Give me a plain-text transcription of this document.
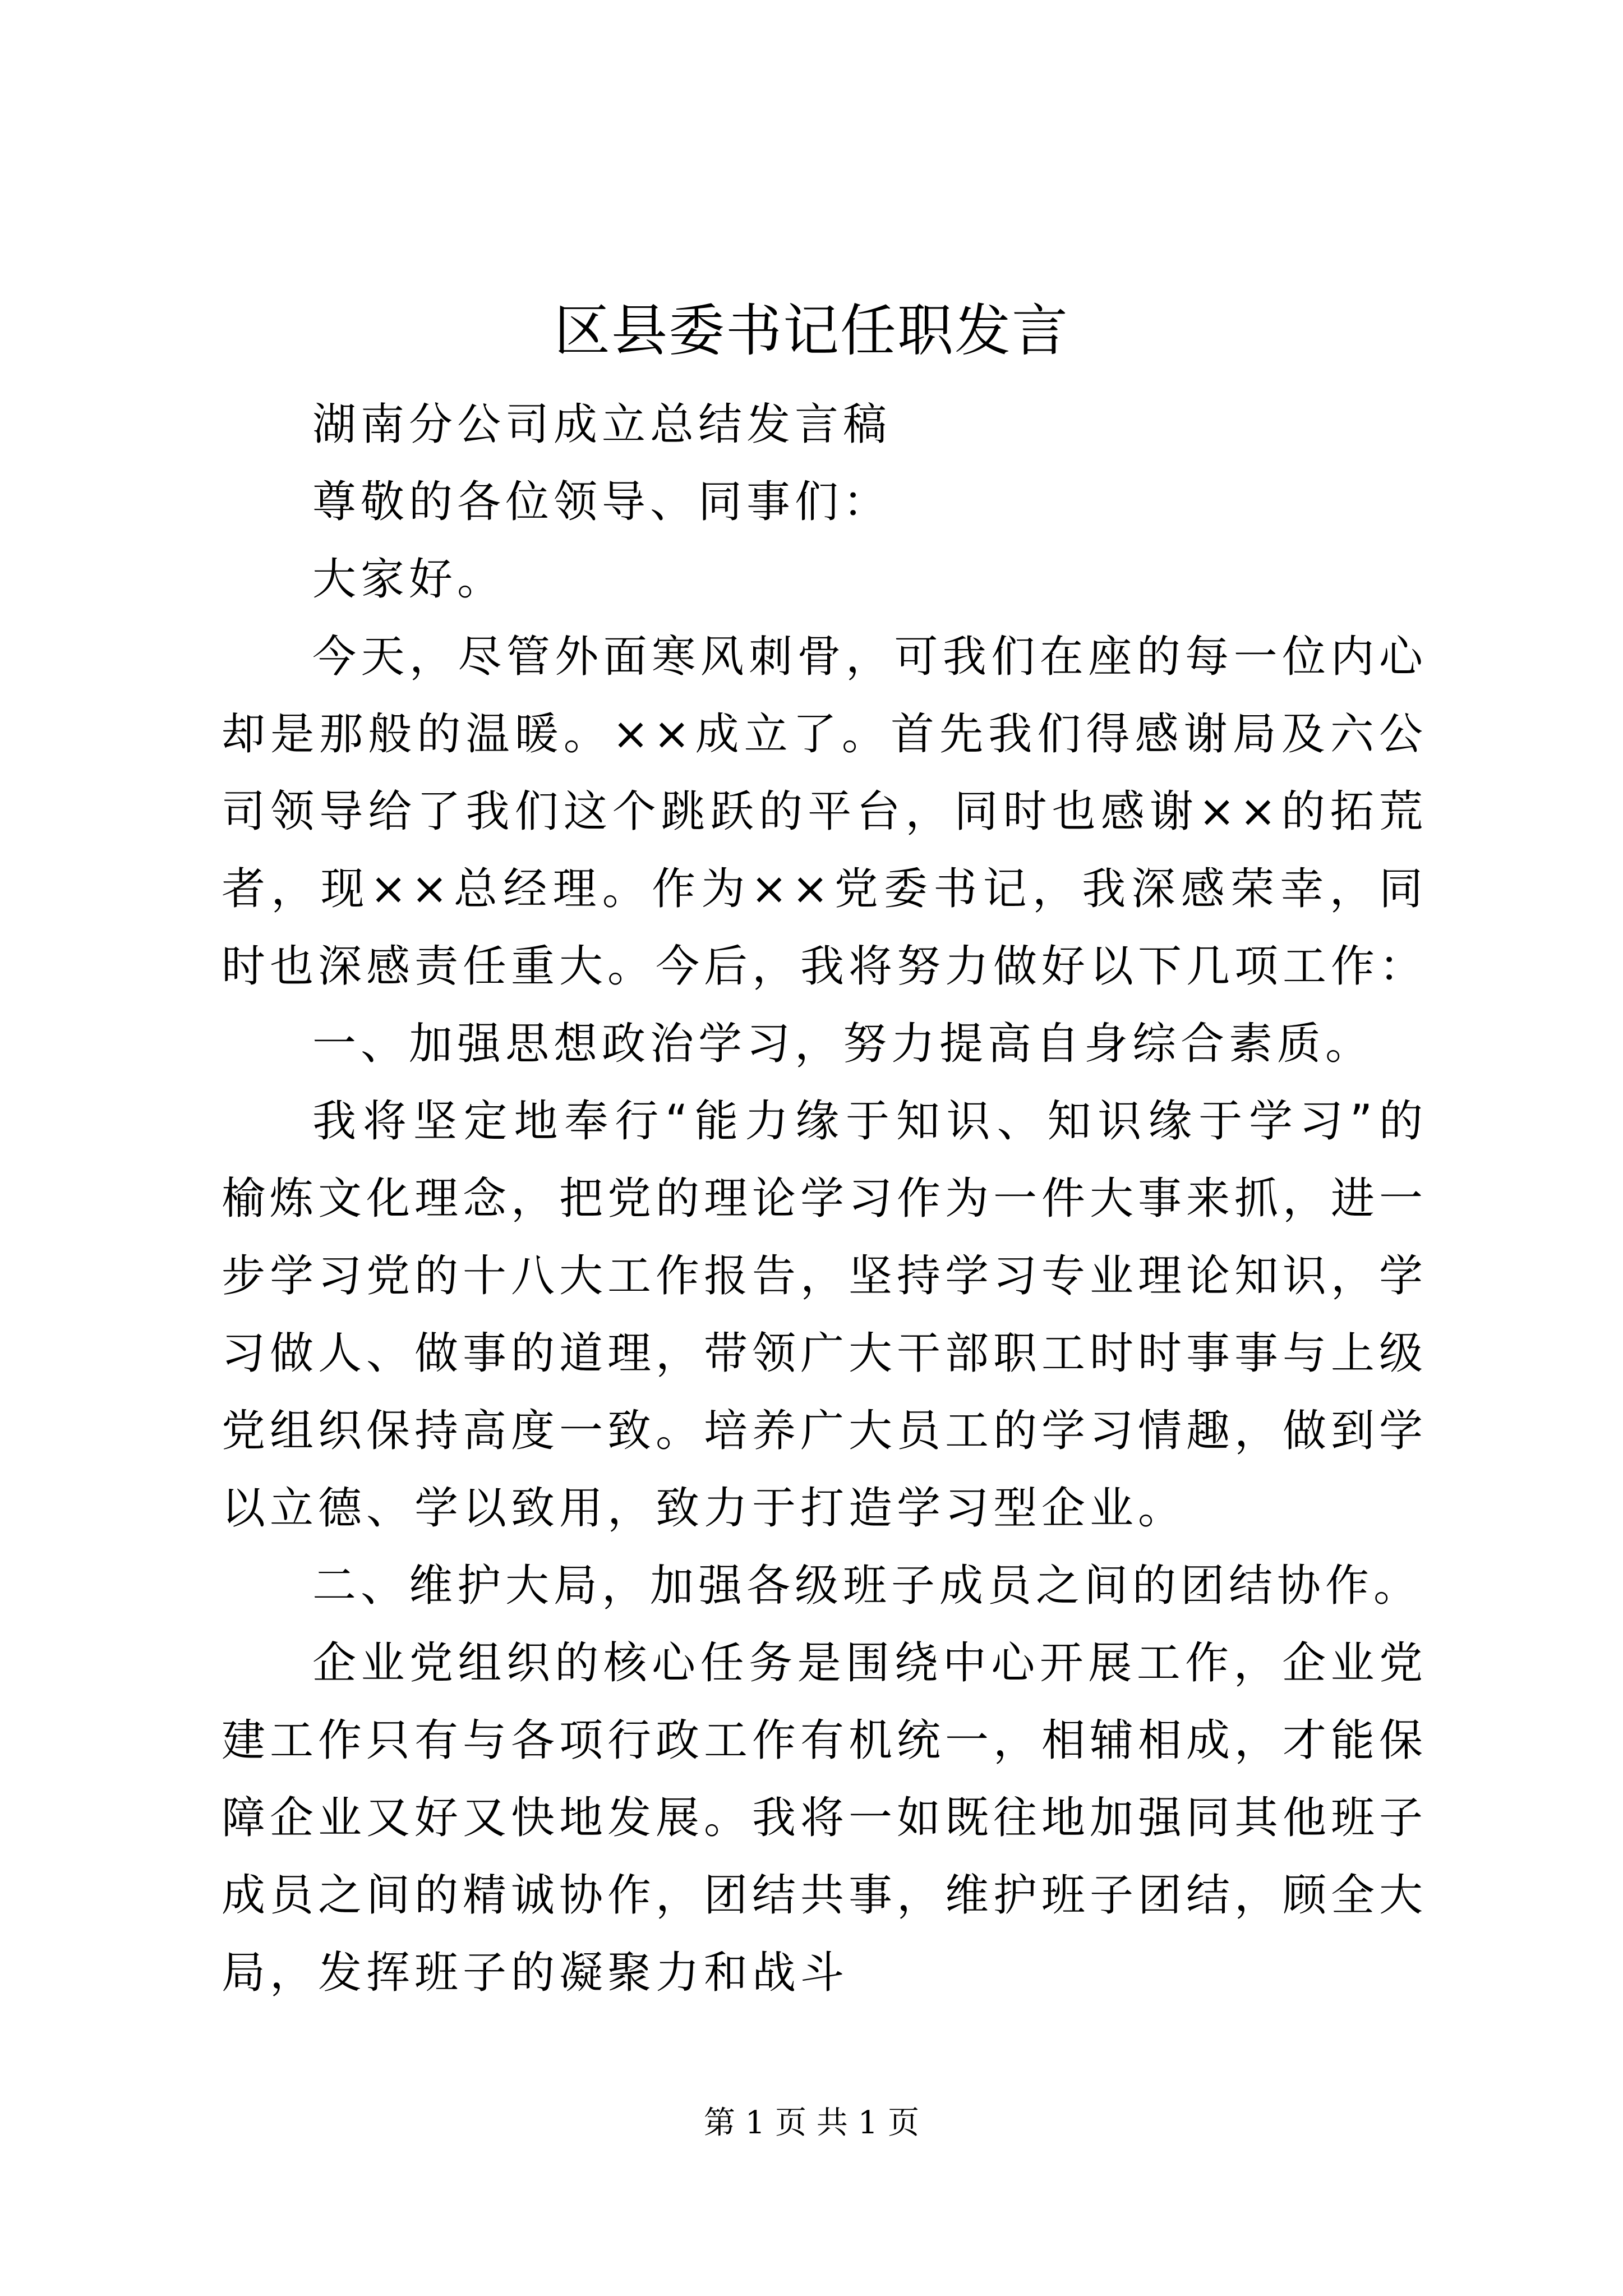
区县委书记任职发言

湖南分公司成立总结发言稿

尊敬的各位领导、同事们：

大家好。

今天，尽管外面寒风刺骨，可我们在座的每一位内心却是那般的温暖。××成立了。首先我们得感谢局及六公司领导给了我们这个跳跃的平台，同时也感谢××的拓荒者，现××总经理。作为××党委书记，我深感荣幸，同时也深感责任重大。今后，我将努力做好以下几项工作：

一、加强思想政治学习，努力提高自身综合素质。

我将坚定地奉行“能力缘于知识、知识缘于学习”的榆炼文化理念，把党的理论学习作为一件大事来抓，进一步学习党的十八大工作报告，坚持学习专业理论知识，学习做人、做事的道理，带领广大干部职工时时事事与上级党组织保持高度一致。培养广大员工的学习情趣，做到学以立德、学以致用，致力于打造学习型企业。

二、维护大局，加强各级班子成员之间的团结协作。

企业党组织的核心任务是围绕中心开展工作，企业党建工作只有与各项行政工作有机统一，相辅相成，才能保障企业又好又快地发展。我将一如既往地加强同其他班子成员之间的精诚协作，团结共事，维护班子团结，顾全大局，发挥班子的凝聚力和战斗

第 1 页 共 1 页
